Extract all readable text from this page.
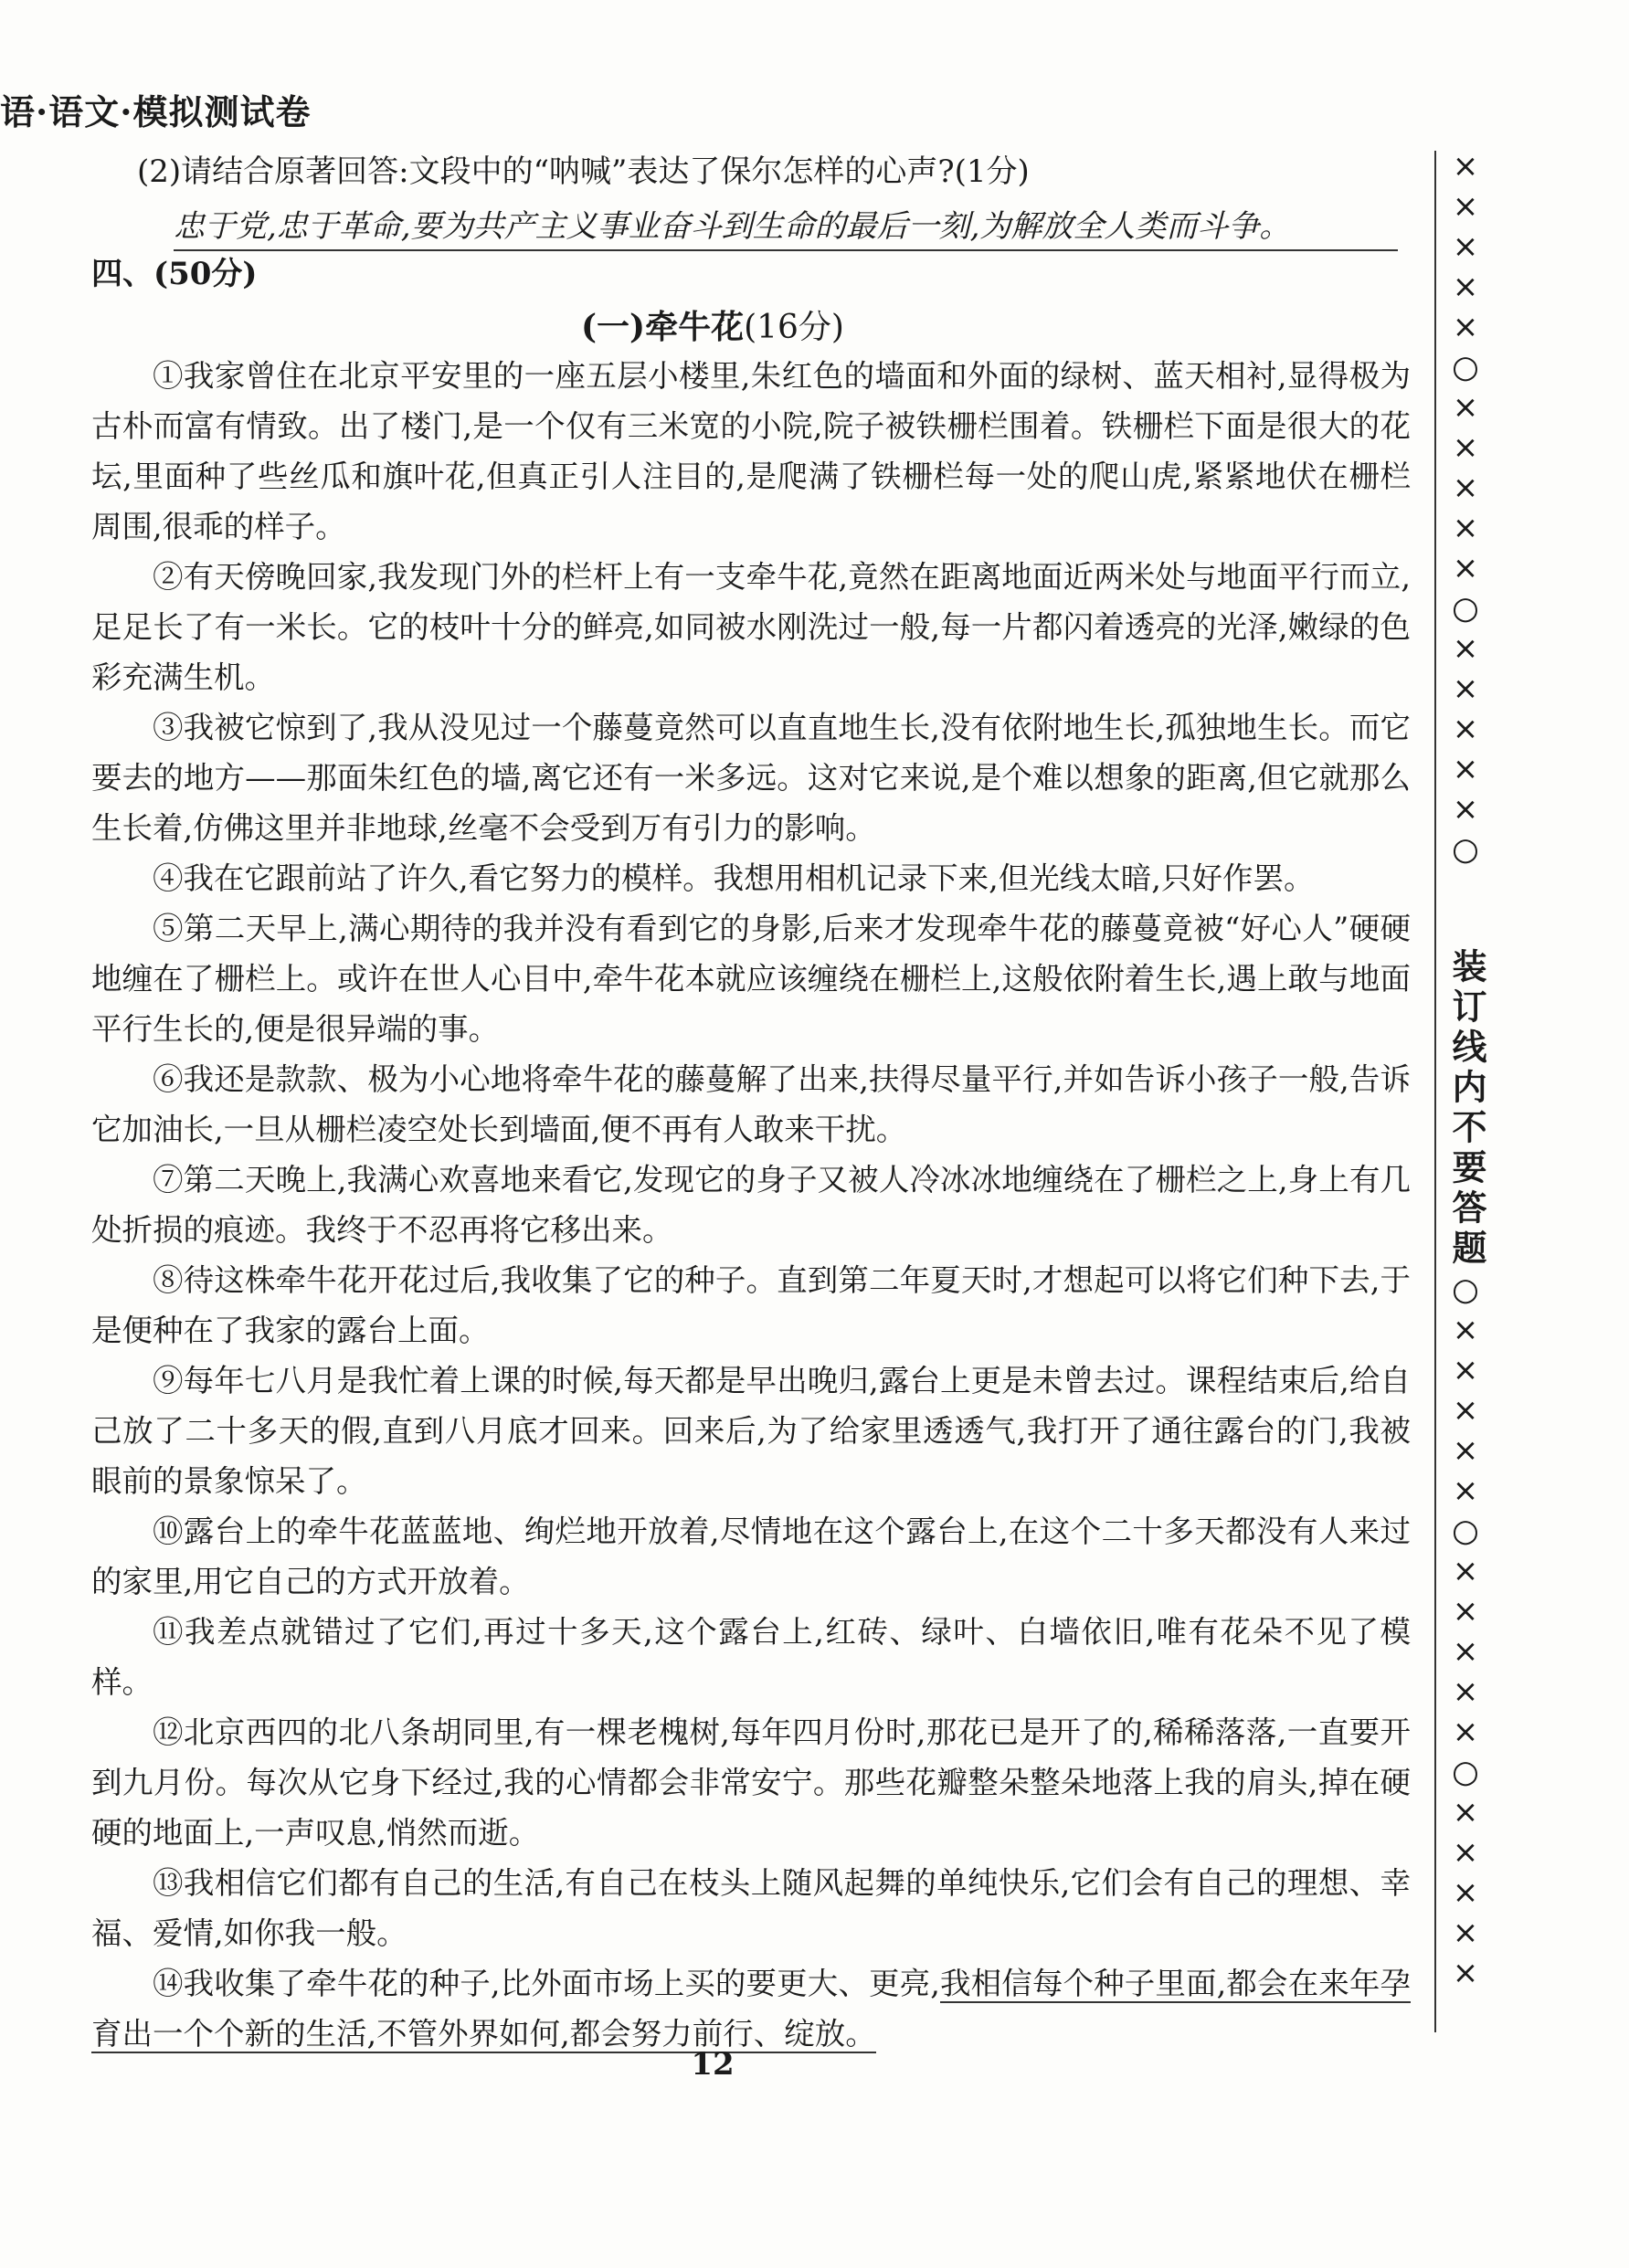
语·语文·模拟测试卷
(2)请结合原著回答:文段中的“呐喊”表达了保尔怎样的心声?(1分)
忠于党,忠于革命,要为共产主义事业奋斗到生命的最后一刻,为解放全人类而斗争。
四、(50分)
(一)牵牛花(16分)

①我家曾住在北京平安里的一座五层小楼里,朱红色的墙面和外面的绿树、蓝天相衬,显得极为古朴而富有情致。出了楼门,是一个仅有三米宽的小院,院子被铁栅栏围着。铁栅栏下面是很大的花坛,里面种了些丝瓜和旗叶花,但真正引人注目的,是爬满了铁栅栏每一处的爬山虎,紧紧地伏在栅栏周围,很乖的样子。

②有天傍晚回家,我发现门外的栏杆上有一支牵牛花,竟然在距离地面近两米处与地面平行而立,足足长了有一米长。它的枝叶十分的鲜亮,如同被水刚洗过一般,每一片都闪着透亮的光泽,嫩绿的色彩充满生机。

③我被它惊到了,我从没见过一个藤蔓竟然可以直直地生长,没有依附地生长,孤独地生长。而它要去的地方——那面朱红色的墙,离它还有一米多远。这对它来说,是个难以想象的距离,但它就那么生长着,仿佛这里并非地球,丝毫不会受到万有引力的影响。

④我在它跟前站了许久,看它努力的模样。我想用相机记录下来,但光线太暗,只好作罢。

⑤第二天早上,满心期待的我并没有看到它的身影,后来才发现牵牛花的藤蔓竟被“好心人”硬硬地缠在了栅栏上。或许在世人心目中,牵牛花本就应该缠绕在栅栏上,这般依附着生长,遇上敢与地面平行生长的,便是很异端的事。

⑥我还是款款、极为小心地将牵牛花的藤蔓解了出来,扶得尽量平行,并如告诉小孩子一般,告诉它加油长,一旦从栅栏凌空处长到墙面,便不再有人敢来干扰。

⑦第二天晚上,我满心欢喜地来看它,发现它的身子又被人冷冰冰地缠绕在了栅栏之上,身上有几处折损的痕迹。我终于不忍再将它移出来。

⑧待这株牵牛花开花过后,我收集了它的种子。直到第二年夏天时,才想起可以将它们种下去,于是便种在了我家的露台上面。

⑨每年七八月是我忙着上课的时候,每天都是早出晚归,露台上更是未曾去过。课程结束后,给自己放了二十多天的假,直到八月底才回来。回来后,为了给家里透透气,我打开了通往露台的门,我被眼前的景象惊呆了。

⑩露台上的牵牛花蓝蓝地、绚烂地开放着,尽情地在这个露台上,在这个二十多天都没有人来过的家里,用它自己的方式开放着。

⑪我差点就错过了它们,再过十多天,这个露台上,红砖、绿叶、白墙依旧,唯有花朵不见了模样。

⑫北京西四的北八条胡同里,有一棵老槐树,每年四月份时,那花已是开了的,稀稀落落,一直要开到九月份。每次从它身下经过,我的心情都会非常安宁。那些花瓣整朵整朵地落上我的肩头,掉在硬硬的地面上,一声叹息,悄然而逝。

⑬我相信它们都有自己的生活,有自己在枝头上随风起舞的单纯快乐,它们会有自己的理想、幸福、爱情,如你我一般。

⑭我收集了牵牛花的种子,比外面市场上买的要更大、更亮,我相信每个种子里面,都会在来年孕育出一个个新的生活,不管外界如何,都会努力前行、绽放。

12
×
×
×
×
×
○
×
×
×
×
×
○
×
×
×
×
×
○
装订线内不要答题
○
×
×
×
×
×
○
×
×
×
×
×
○
×
×
×
×
×
